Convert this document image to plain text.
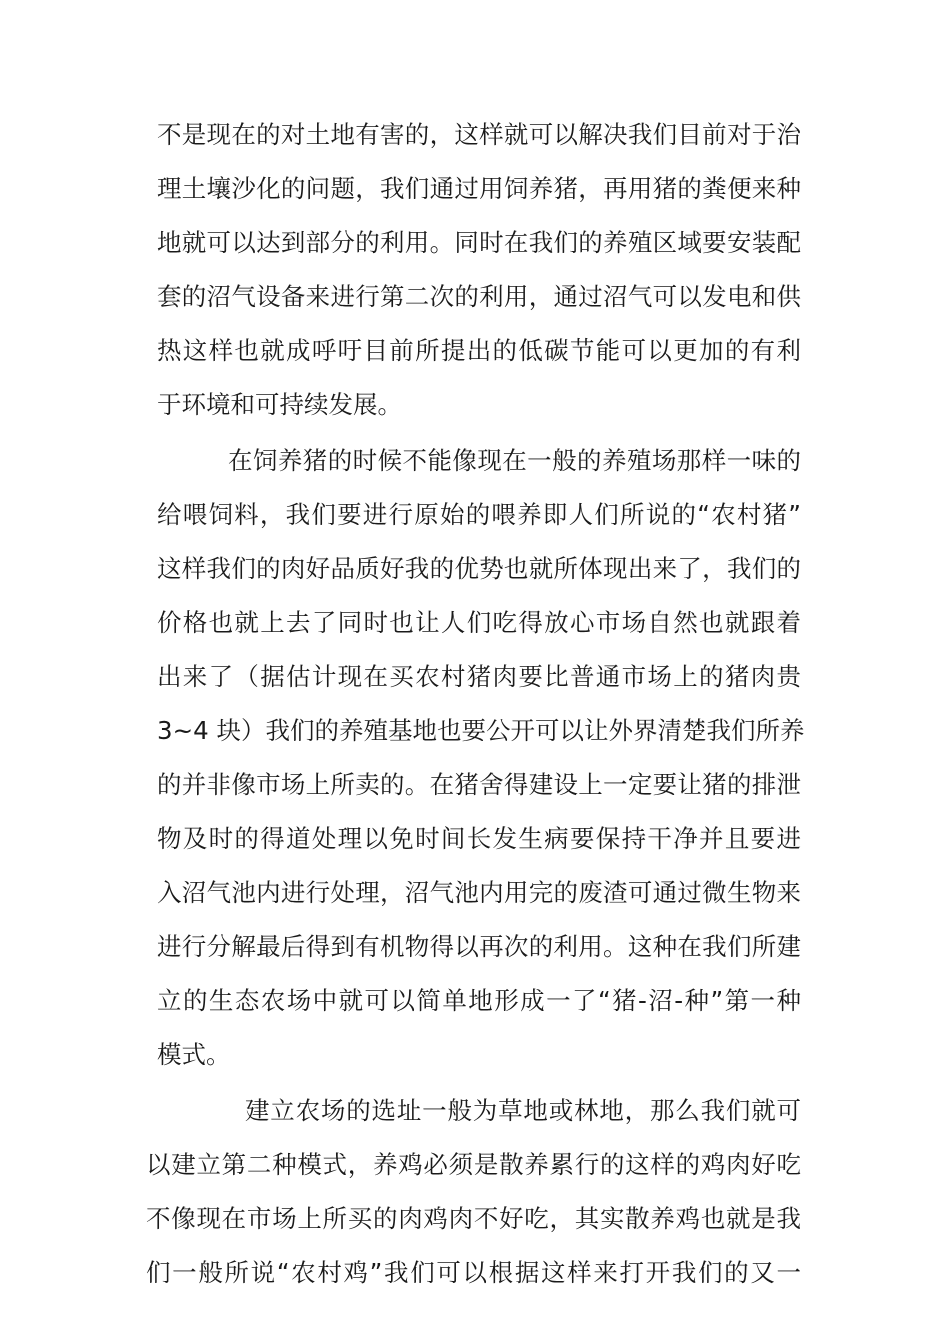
不是现在的对土地有害的，这样就可以解决我们目前对于治

理土壤沙化的问题，我们通过用饲养猪，再用猪的粪便来种

地就可以达到部分的利用。同时在我们的养殖区域要安装配

套的沼气设备来进行第二次的利用，通过沼气可以发电和供

热这样也就成呼吁目前所提出的低碳节能可以更加的有利

于环境和可持续发展。

在饲养猪的时候不能像现在一般的养殖场那样一味的

给喂饲料，我们要进行原始的喂养即人们所说的“农村猪”

这样我们的肉好品质好我的优势也就所体现出来了，我们的

价格也就上去了同时也让人们吃得放心市场自然也就跟着

出来了（据估计现在买农村猪肉要比普通市场上的猪肉贵

3~4 块）我们的养殖基地也要公开可以让外界清楚我们所养

的并非像市场上所卖的。在猪舍得建设上一定要让猪的排泄

物及时的得道处理以免时间长发生病要保持干净并且要进

入沼气池内进行处理，沼气池内用完的废渣可通过微生物来

进行分解最后得到有机物得以再次的利用。这种在我们所建

立的生态农场中就可以简单地形成一了“猪-沼-种”第一种

模式。

建立农场的选址一般为草地或林地，那么我们就可

以建立第二种模式，养鸡必须是散养累行的这样的鸡肉好吃

不像现在市场上所买的肉鸡肉不好吃，其实散养鸡也就是我

们一般所说“农村鸡”我们可以根据这样来打开我们的又一
